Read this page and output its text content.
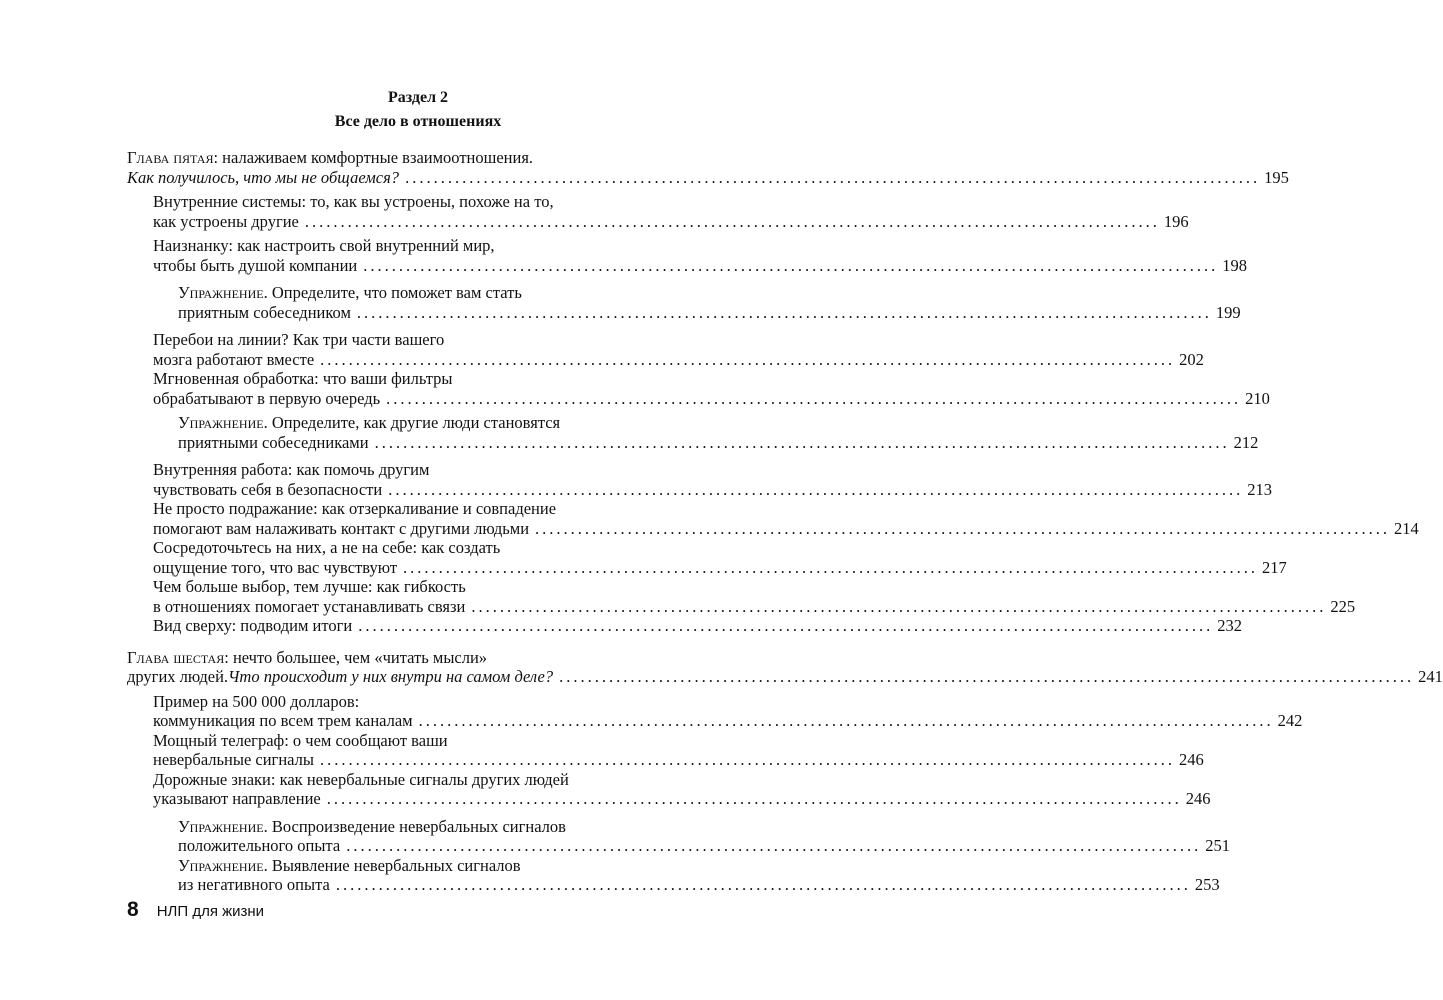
Раздел 2
Все дело в отношениях
Глава пятая: налаживаем комфортные взаимоотношения.
Как получилось, что мы не общаемся? ........................................................................................................................ 195
Внутренние системы: то, как вы устроены, похоже на то,
как устроены другие ........................................................................................................................ 196
Наизнанку: как настроить свой внутренний мир,
чтобы быть душой компании ........................................................................................................................ 198
Упражнение. Определите, что поможет вам стать
приятным собеседником ........................................................................................................................ 199
Перебои на линии? Как три части вашего
мозга работают вместе ........................................................................................................................ 202
Мгновенная обработка: что ваши фильтры
обрабатывают в первую очередь ........................................................................................................................ 210
Упражнение. Определите, как другие люди становятся
приятными собеседниками ........................................................................................................................ 212
Внутренняя работа: как помочь другим
чувствовать себя в безопасности ........................................................................................................................ 213
Не просто подражание: как отзеркаливание и совпадение
помогают вам налаживать контакт с другими людьми ........................................................................................................................ 214
Сосредоточьтесь на них, а не на себе: как создать
ощущение того, что вас чувствуют ........................................................................................................................ 217
Чем больше выбор, тем лучше: как гибкость
в отношениях помогает устанавливать связи ........................................................................................................................ 225
Вид сверху: подводим итоги ........................................................................................................................ 232
Глава шестая: нечто большее, чем «читать мысли»
других людей. Что происходит у них внутри на самом деле? ........................................................................................................................ 241
Пример на 500 000 долларов:
коммуникация по всем трем каналам ........................................................................................................................ 242
Мощный телеграф: о чем сообщают ваши
невербальные сигналы ........................................................................................................................ 246
Дорожные знаки: как невербальные сигналы других людей
указывают направление ........................................................................................................................ 246
Упражнение. Воспроизведение невербальных сигналов
положительного опыта ........................................................................................................................ 251
Упражнение. Выявление невербальных сигналов
из негативного опыта ........................................................................................................................ 253
8 НЛП для жизни
